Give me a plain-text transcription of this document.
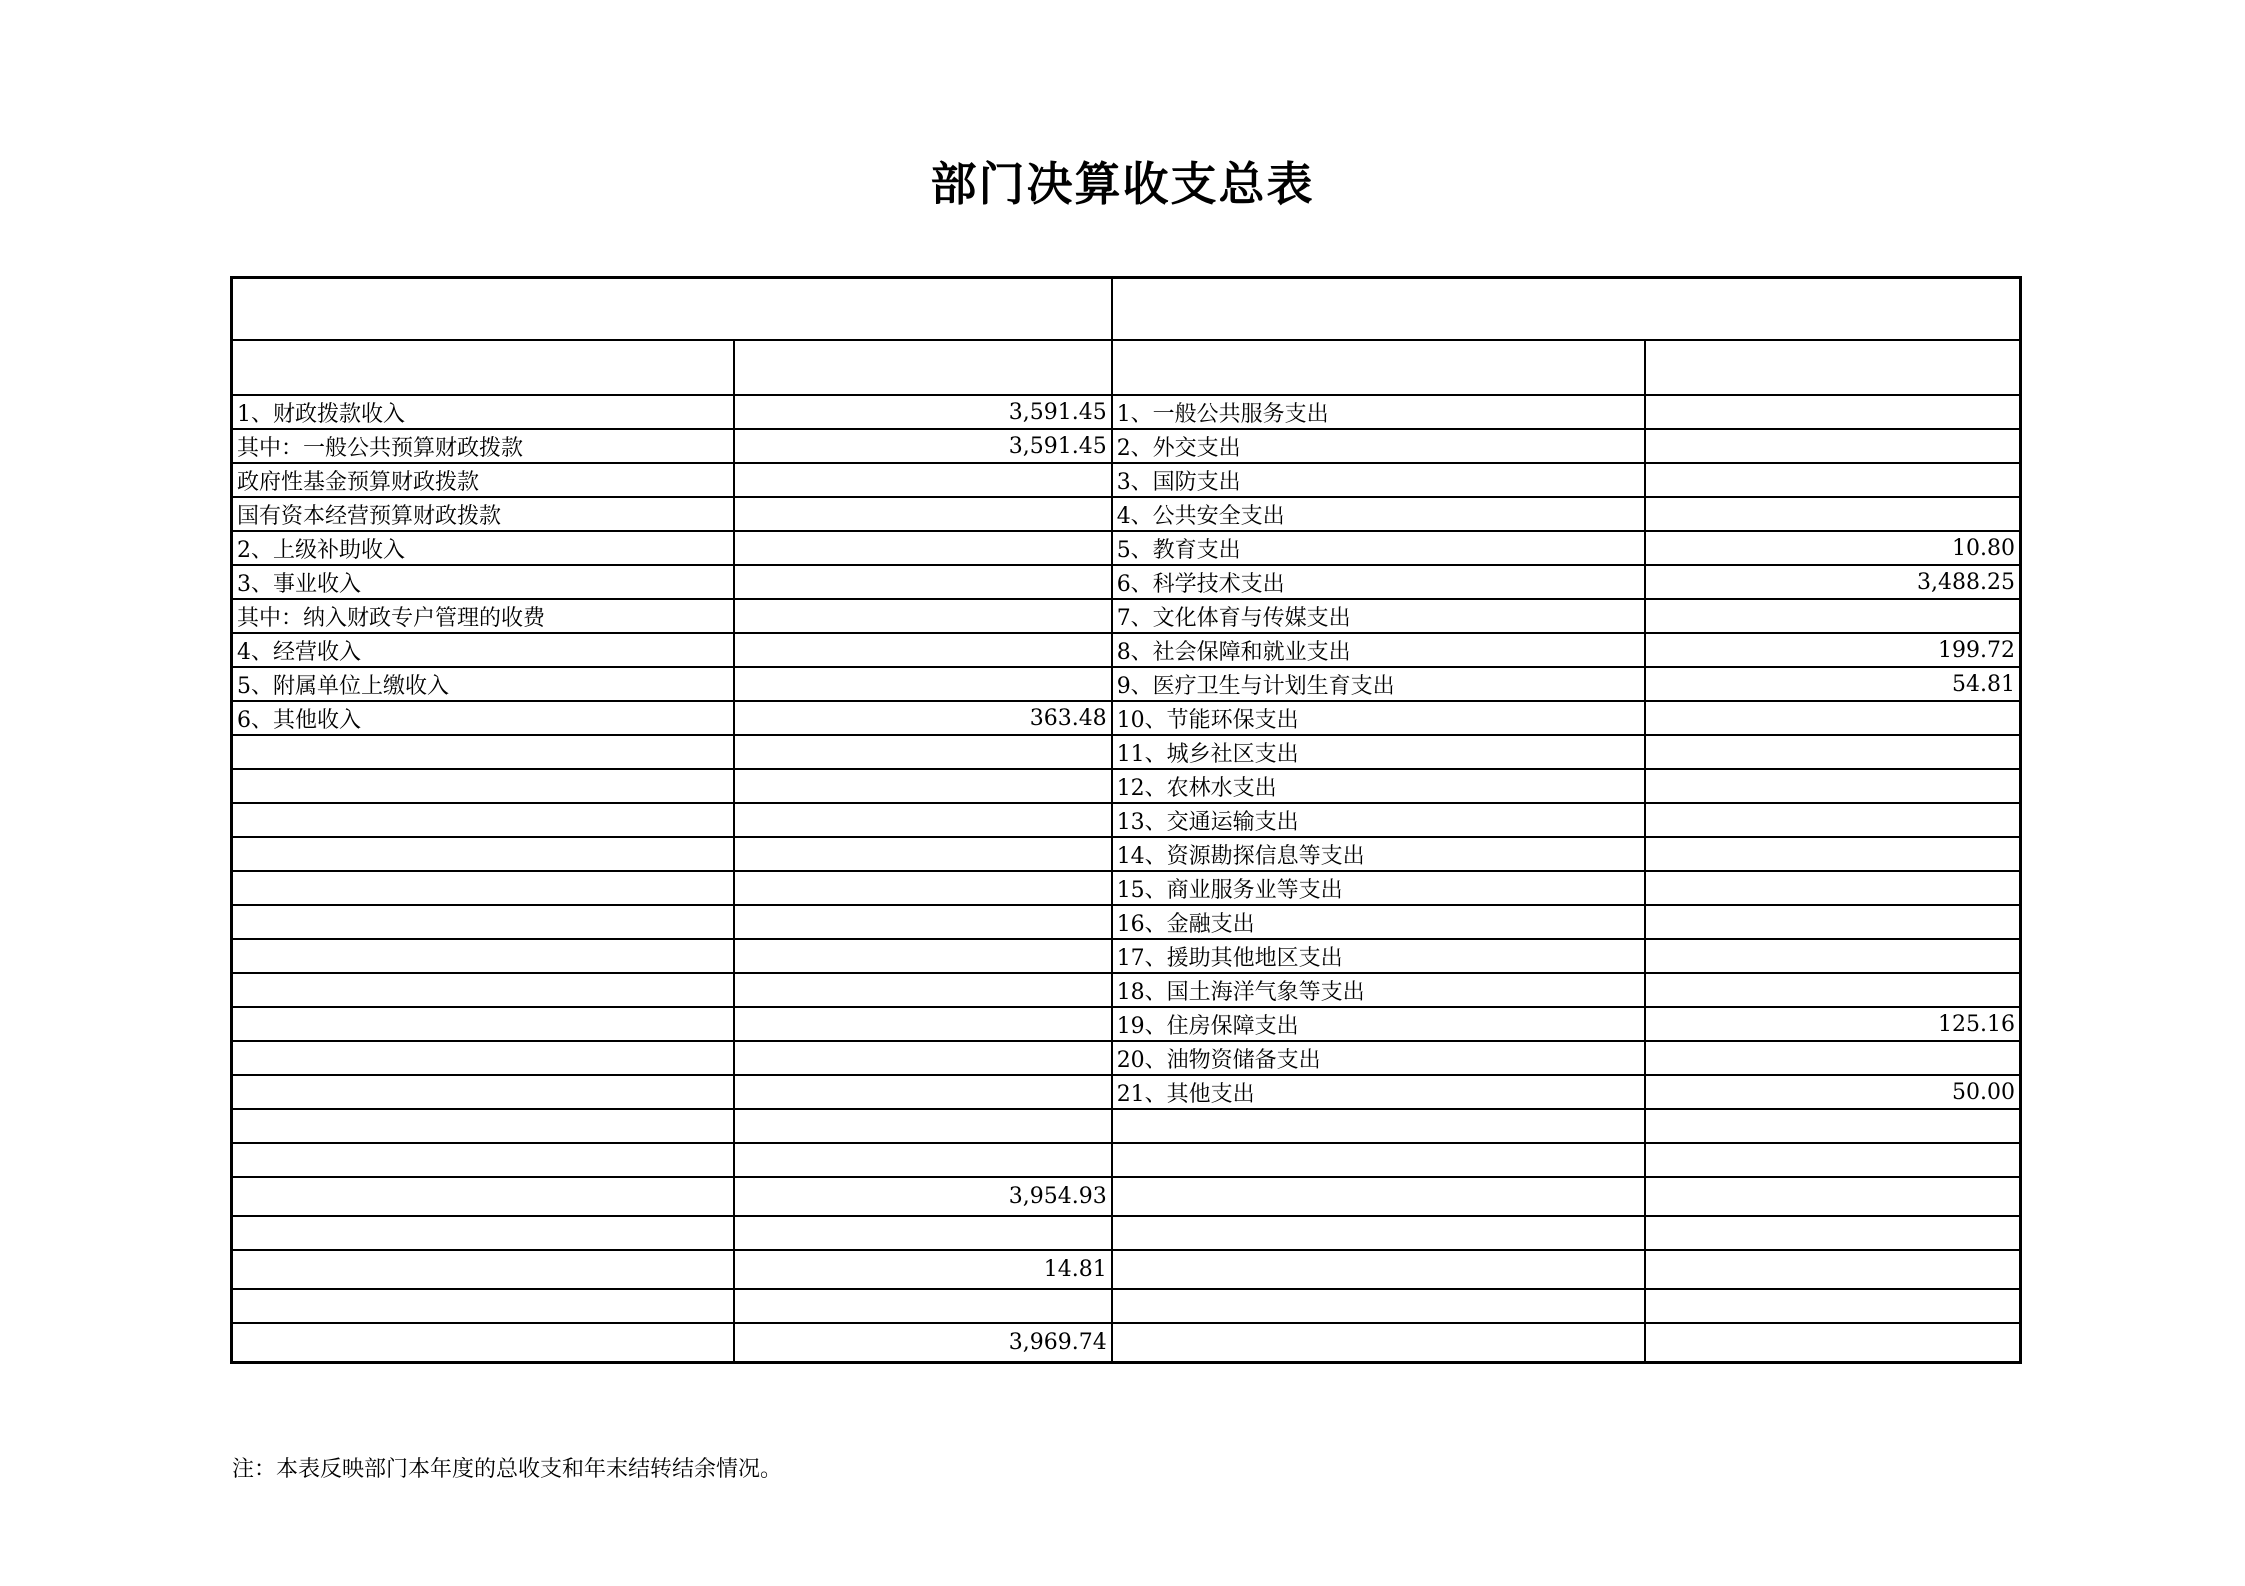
部门决算收支总表

1、财政拨款收入	3,591.45	1、一般公共服务支出	
其中：一般公共预算财政拨款	3,591.45	2、外交支出	
政府性基金预算财政拨款		3、国防支出	
国有资本经营预算财政拨款		4、公共安全支出	
2、上级补助收入		5、教育支出	10.80
3、事业收入		6、科学技术支出	3,488.25
其中：纳入财政专户管理的收费		7、文化体育与传媒支出	
4、经营收入		8、社会保障和就业支出	199.72
5、附属单位上缴收入		9、医疗卫生与计划生育支出	54.81
6、其他收入	363.48	10、节能环保支出	
		11、城乡社区支出	
		12、农林水支出	
		13、交通运输支出	
		14、资源勘探信息等支出	
		15、商业服务业等支出	
		16、金融支出	
		17、援助其他地区支出	
		18、国土海洋气象等支出	
		19、住房保障支出	125.16
		20、油物资储备支出	
		21、其他支出	50.00

	3,954.93		

	14.81		

	3,969.74		
注：本表反映部门本年度的总收支和年末结转结余情况。
